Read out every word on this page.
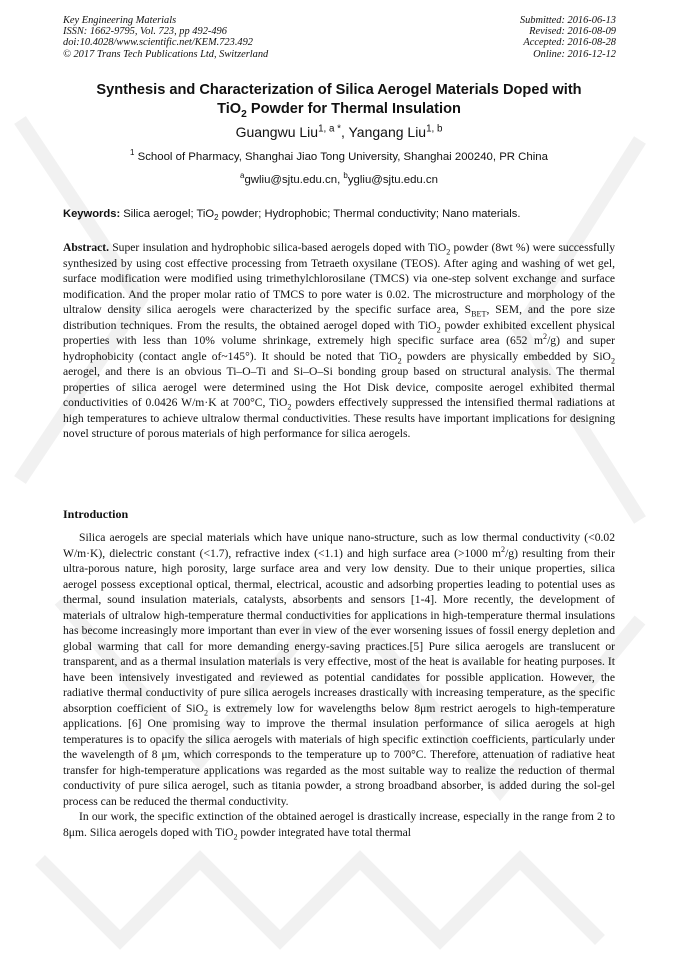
Key Engineering Materials
ISSN: 1662-9795, Vol. 723, pp 492-496
doi:10.4028/www.scientific.net/KEM.723.492
© 2017 Trans Tech Publications Ltd, Switzerland
Submitted: 2016-06-13
Revised: 2016-08-09
Accepted: 2016-08-28
Online: 2016-12-12
Synthesis and Characterization of Silica Aerogel Materials Doped with
TiO$_2$ Powder for Thermal Insulation
Guangwu Liu$^{1, a *}$, Yangang Liu$^{1, b}$
$^1$ School of Pharmacy, Shanghai Jiao Tong University, Shanghai 200240, PR China
$^a$gwliu@sjtu.edu.cn, $^b$ygliu@sjtu.edu.cn
Keywords: Silica aerogel; TiO$_2$ powder; Hydrophobic; Thermal conductivity; Nano materials.
Abstract. Super insulation and hydrophobic silica-based aerogels doped with TiO$_2$ powder (8wt %) were successfully synthesized by using cost effective processing from Tetraeth oxysilane (TEOS). After aging and washing of wet gel, surface modification were modified using trimethylchlorosilane (TMCS) via one-step solvent exchange and surface modification. And the proper molar ratio of TMCS to pore water is 0.02. The microstructure and morphology of the ultralow density silica aerogels were characterized by the specific surface area, $S_{BET}$, SEM, and the pore size distribution techniques. From the results, the obtained aerogel doped with TiO$_2$ powder exhibited excellent physical properties with less than 10% volume shrinkage, extremely high specific surface area (652 $m^2/g$) and super hydrophobicity (contact angle of~145°). It should be noted that TiO$_2$ powders are physically embedded by SiO$_2$ aerogel, and there is an obvious Ti–O–Ti and Si–O–Si bonding group based on structural analysis. The thermal properties of silica aerogel were determined using the Hot Disk device, composite aerogel exhibited thermal conductivities of 0.0426 W/m·K at 700°C, TiO$_2$ powders effectively suppressed the intensified thermal radiations at high temperatures to achieve ultralow thermal conductivities. These results have important implications for designing novel structure of porous materials of high performance for silica aerogels.
Introduction

Silica aerogels are special materials which have unique nano-structure, such as low thermal conductivity (<0.02 W/m·K), dielectric constant (<1.7), refractive index (<1.1) and high surface area (>1000 $m^2/g$) resulting from their ultra-porous nature, high porosity, large surface area and very low density. Due to their unique properties, silica aerogel possess exceptional optical, thermal, electrical, acoustic and adsorbing properties leading to potential uses as thermal, sound insulation materials, catalysts, absorbents and sensors [1-4]. More recently, the development of materials of ultralow high-temperature thermal conductivities for applications in high-temperature thermal insulations has become increasingly more important than ever in view of the ever worsening issues of fossil energy depletion and global warming that call for more demanding energy-saving practices.[5] Pure silica aerogels are translucent or transparent, and as a thermal insulation materials is very effective, most of the heat is available for heating purposes. It have been intensively investigated and reviewed as potential candidates for possible application. However, the radiative thermal conductivity of pure silica aerogels increases drastically with increasing temperature, as the specific absorption coefficient of SiO$_2$ is extremely low for wavelengths below 8μm restrict aerogels to high-temperature applications. [6] One promising way to improve the thermal insulation performance of silica aerogels at high temperatures is to opacify the silica aerogels with materials of high specific extinction coefficients, particularly under the wavelength of 8 μm, which corresponds to the temperature up to 700°C. Therefore, attenuation of radiative heat transfer for high-temperature applications was regarded as the most suitable way to realize the reduction of thermal conductivity of pure silica aerogel, such as titania powder, a strong broadband absorber, is added during the sol-gel process can be reduced the thermal conductivity.

In our work, the specific extinction of the obtained aerogel is drastically increase, especially in the range from 2 to 8μm. Silica aerogels doped with TiO$_2$ powder integrated have total thermal
